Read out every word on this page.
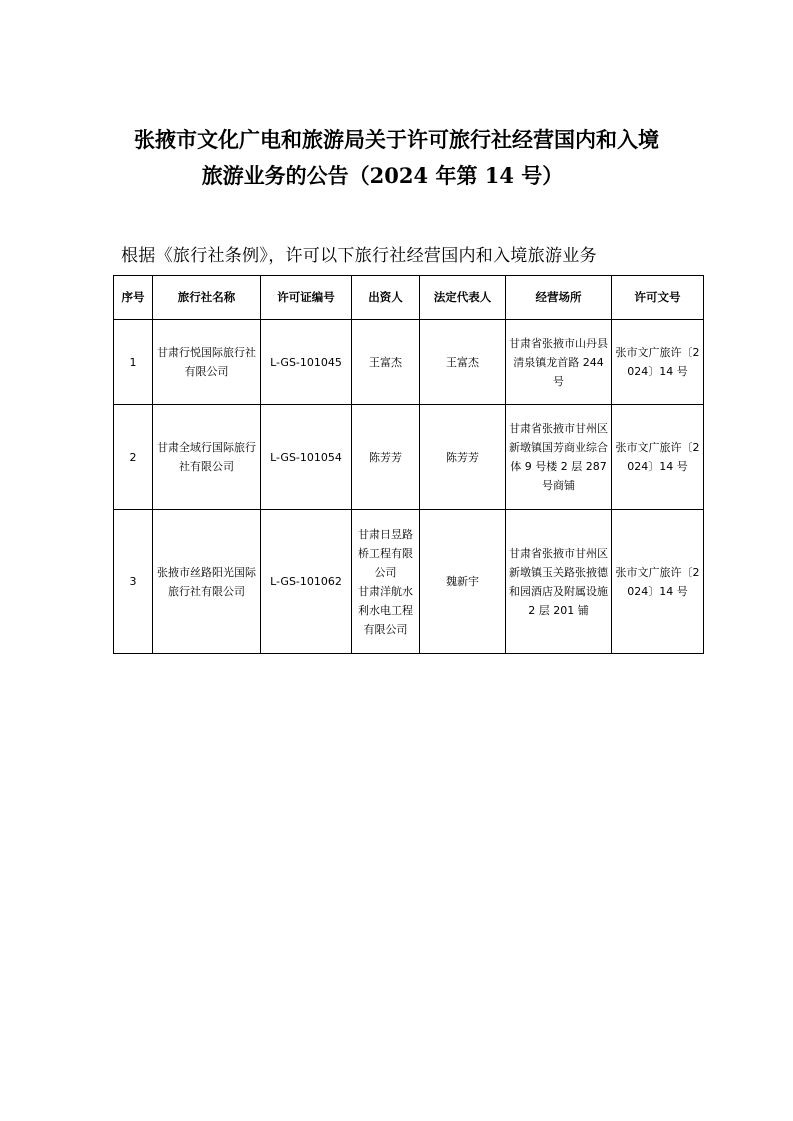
张掖市文化广电和旅游局关于许可旅行社经营国内和入境
旅游业务的公告（2024 年第 14 号）
根据《旅行社条例》，许可以下旅行社经营国内和入境旅游业务
序号	旅行社名称	许可证编号	出资人	法定代表人	经营场所	许可文号
1	甘肃行悦国际旅行社有限公司	L-GS-101045	王富杰	王富杰	甘肃省张掖市山丹县清泉镇龙首路 244 号	张市文广旅许〔2024〕14 号
2	甘肃全域行国际旅行社有限公司	L-GS-101054	陈芳芳	陈芳芳	甘肃省张掖市甘州区新墩镇国芳商业综合体 9 号楼 2 层 287 号商铺	张市文广旅许〔2024〕14 号
3	张掖市丝路阳光国际旅行社有限公司	L-GS-101062	甘肃日昱路桥工程有限公司
甘肃洋航水利水电工程有限公司	魏新宇	甘肃省张掖市甘州区新墩镇玉关路张掖德和园酒店及附属设施 2 层 201 铺	张市文广旅许〔2024〕14 号
